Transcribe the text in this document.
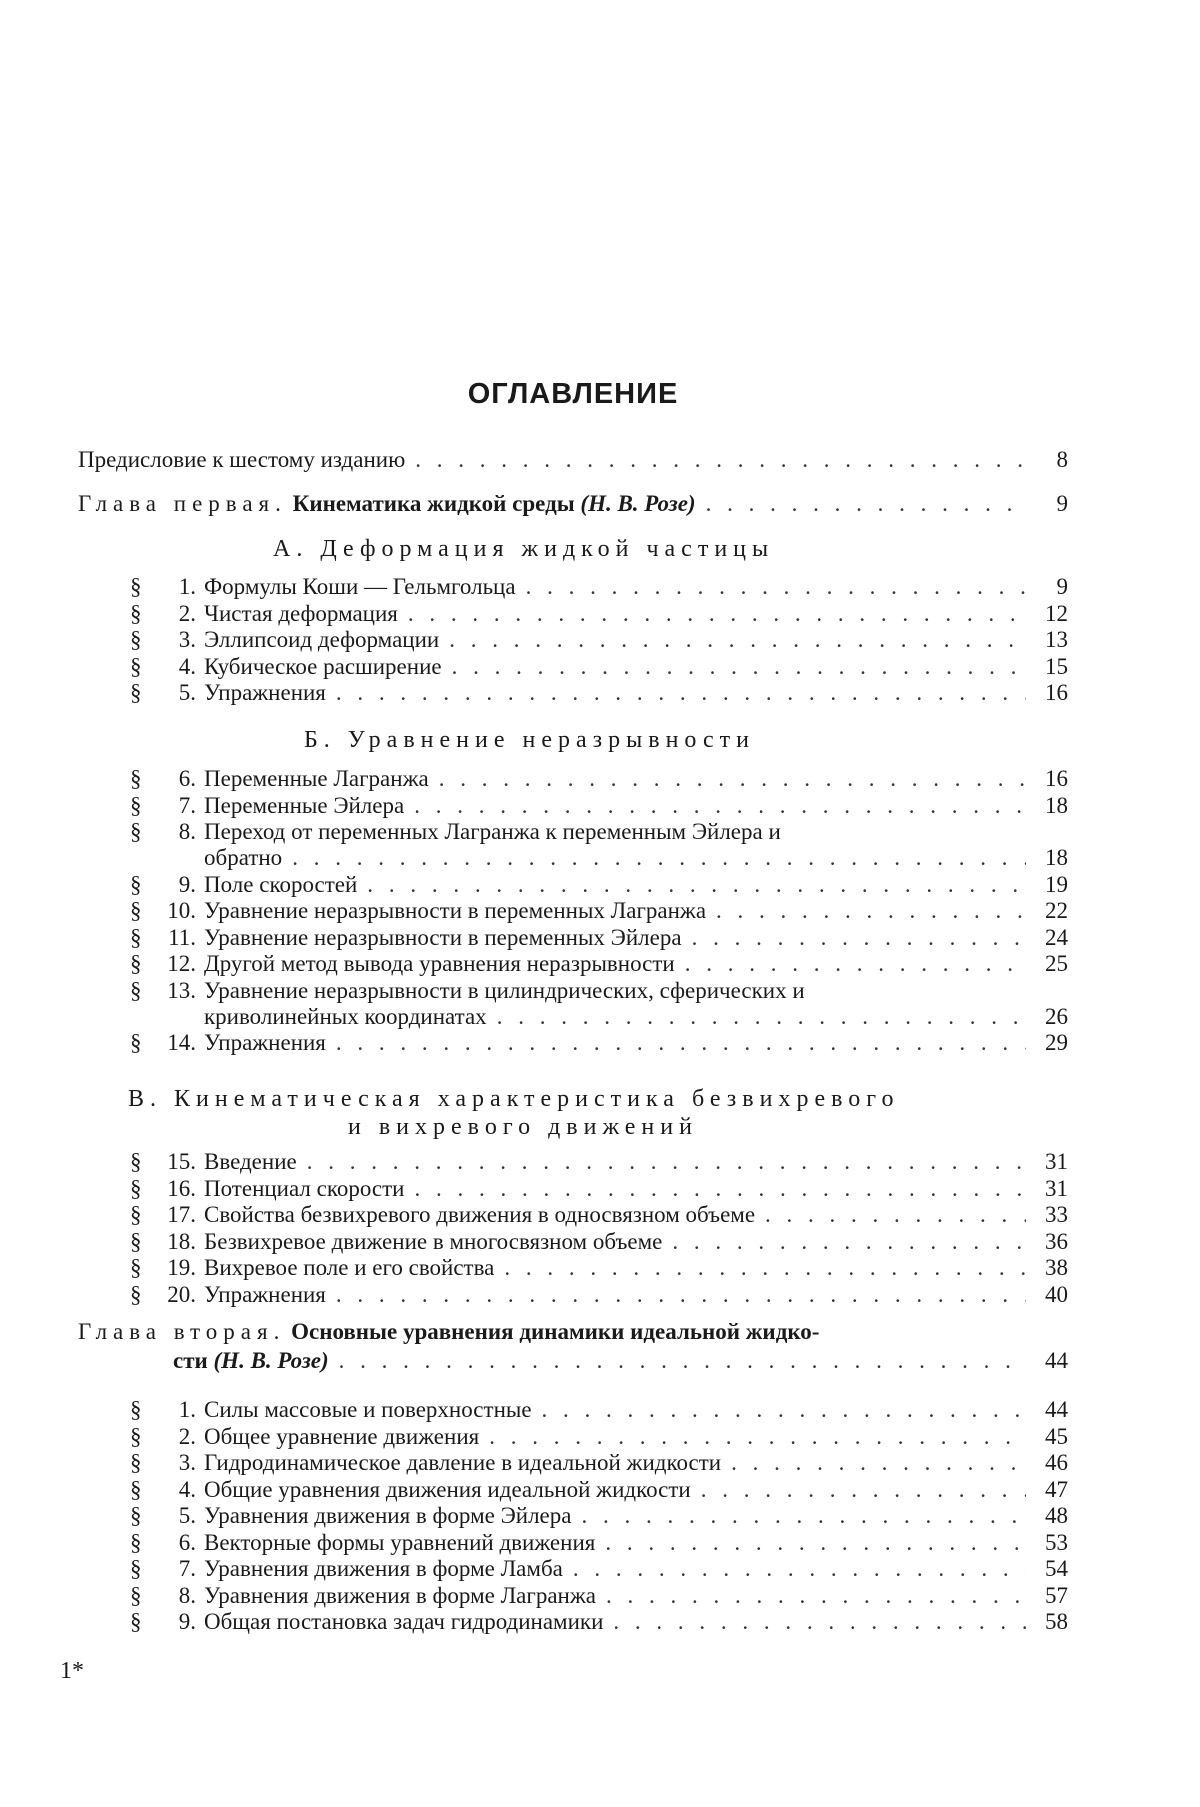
ОГЛАВЛЕНИЕ
Предисловие к шестому изданию . . .	8
Глава первая. Кинематика жидкой среды (Н. В. Розе) . . .	9
А. Деформация жидкой частицы
§ 1. Формулы Коши — Гельмгольца . . .	9
§ 2. Чистая деформация . . .	12
§ 3. Эллипсоид деформации . . .	13
§ 4. Кубическое расширение . . .	15
§ 5. Упражнения . . .	16
Б. Уравнение неразрывности
§ 6. Переменные Лагранжа . . .	16
§ 7. Переменные Эйлера . . .	18
§ 8. Переход от переменных Лагранжа к переменным Эйлера и
обратно . . .	18
§ 9. Поле скоростей . . .	19
§ 10. Уравнение неразрывности в переменных Лагранжа . . .	22
§ 11. Уравнение неразрывности в переменных Эйлера . . .	24
§ 12. Другой метод вывода уравнения неразрывности . . .	25
§ 13. Уравнение неразрывности в цилиндрических, сферических и
криволинейных координатах . . .	26
§ 14. Упражнения . . .	29
В. Кинематическая характеристика безвихревого
и вихревого движений
§ 15. Введение . . .	31
§ 16. Потенциал скорости . . .	31
§ 17. Свойства безвихревого движения в односвязном объеме . . .	33
§ 18. Безвихревое движение в многосвязном объеме . . .	36
§ 19. Вихревое поле и его свойства . . .	38
§ 20. Упражнения . . .	40
Глава вторая. Основные уравнения динамики идеальной жидко-
сти (Н. В. Розе) . . .	44
§ 1. Силы массовые и поверхностные . . .	44
§ 2. Общее уравнение движения . . .	45
§ 3. Гидродинамическое давление в идеальной жидкости . . .	46
§ 4. Общие уравнения движения идеальной жидкости . . .	47
§ 5. Уравнения движения в форме Эйлера . . .	48
§ 6. Векторные формы уравнений движения . . .	53
§ 7. Уравнения движения в форме Ламба . . .	54
§ 8. Уравнения движения в форме Лагранжа . . .	57
§ 9. Общая постановка задач гидродинамики . . .	58
1*
